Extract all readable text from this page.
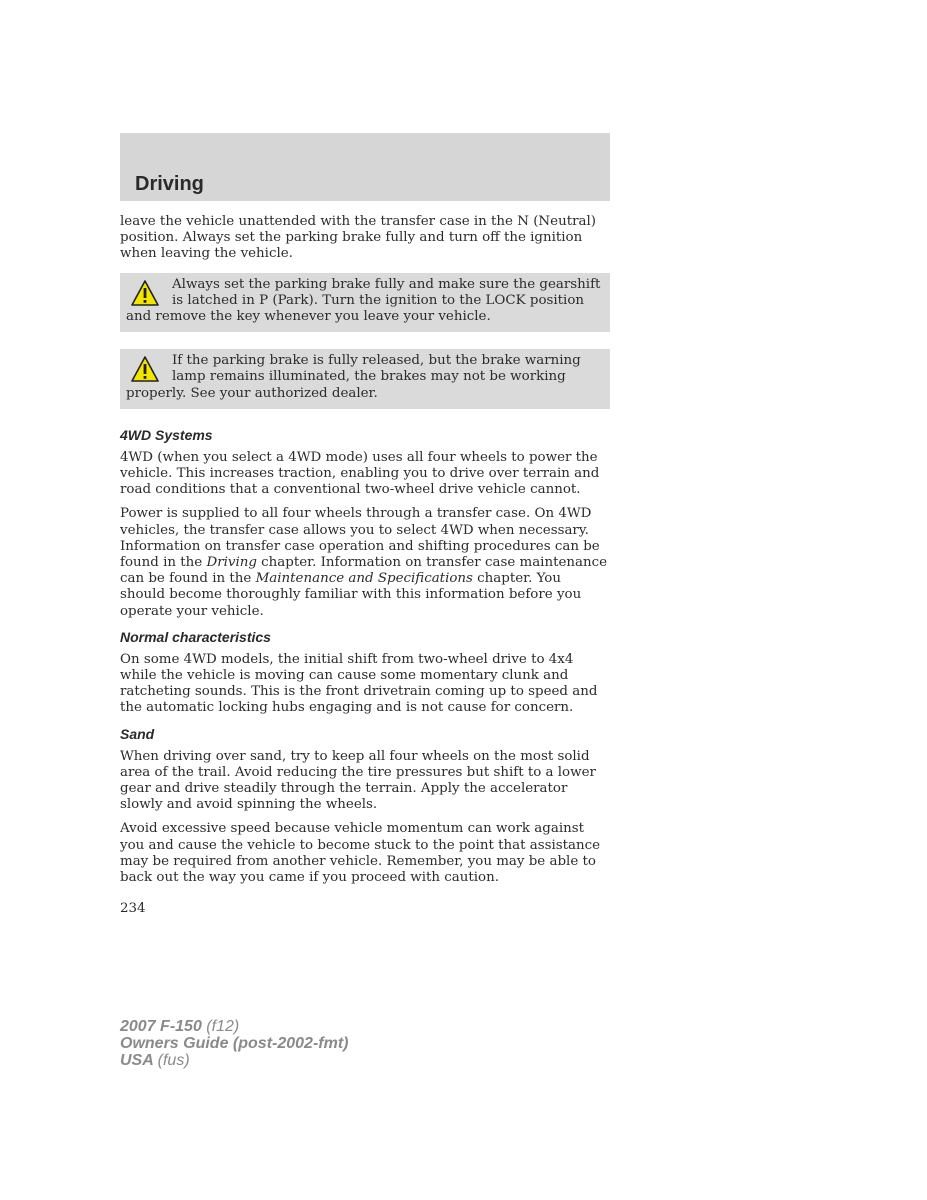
Driving

leave the vehicle unattended with the transfer case in the N (Neutral) position. Always set the parking brake fully and turn off the ignition when leaving the vehicle.

Always set the parking brake fully and make sure the gearshift is latched in P (Park). Turn the ignition to the LOCK position and remove the key whenever you leave your vehicle.
If the parking brake is fully released, but the brake warning lamp remains illuminated, the brakes may not be working properly. See your authorized dealer.
4WD Systems

4WD (when you select a 4WD mode) uses all four wheels to power the vehicle. This increases traction, enabling you to drive over terrain and road conditions that a conventional two-wheel drive vehicle cannot.

Power is supplied to all four wheels through a transfer case. On 4WD vehicles, the transfer case allows you to select 4WD when necessary. Information on transfer case operation and shifting procedures can be found in the Driving chapter. Information on transfer case maintenance can be found in the Maintenance and Specifications chapter. You should become thoroughly familiar with this information before you operate your vehicle.

Normal characteristics

On some 4WD models, the initial shift from two-wheel drive to 4x4 while the vehicle is moving can cause some momentary clunk and ratcheting sounds. This is the front drivetrain coming up to speed and the automatic locking hubs engaging and is not cause for concern.

Sand

When driving over sand, try to keep all four wheels on the most solid area of the trail. Avoid reducing the tire pressures but shift to a lower gear and drive steadily through the terrain. Apply the accelerator slowly and avoid spinning the wheels.

Avoid excessive speed because vehicle momentum can work against you and cause the vehicle to become stuck to the point that assistance may be required from another vehicle. Remember, you may be able to back out the way you came if you proceed with caution.

234
2007 F-150 (f12)
Owners Guide (post-2002-fmt)
USA (fus)
